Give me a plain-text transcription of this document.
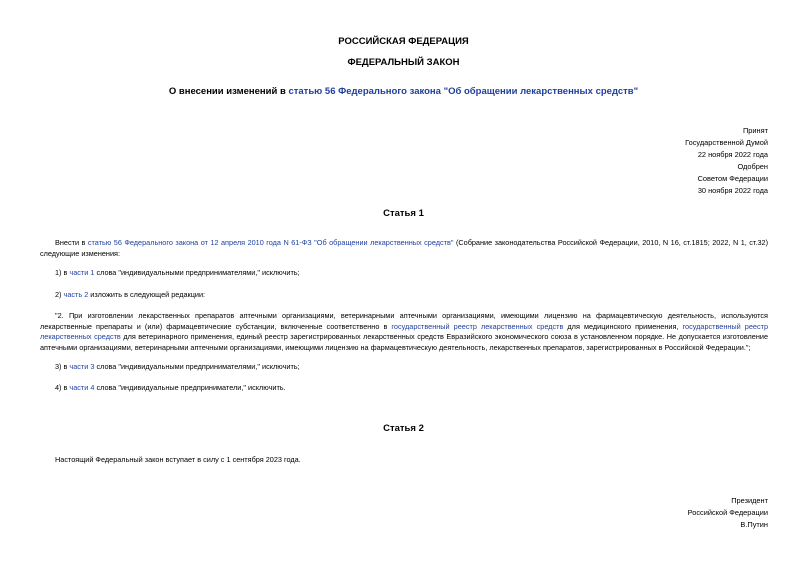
РОССИЙСКАЯ ФЕДЕРАЦИЯ
ФЕДЕРАЛЬНЫЙ ЗАКОН
О внесении изменений в статью 56 Федерального закона "Об обращении лекарственных средств"
Принят
Государственной Думой
22 ноября 2022 года
Одобрен
Советом Федерации
30 ноября 2022 года
Статья 1
Внести в статью 56 Федерального закона от 12 апреля 2010 года N 61-ФЗ "Об обращении лекарственных средств" (Собрание законодательства Российской Федерации, 2010, N 16, ст.1815; 2022, N 1, ст.32) следующие изменения:
1) в части 1 слова "индивидуальными предпринимателями," исключить;
2) часть 2 изложить в следующей редакции:
"2. При изготовлении лекарственных препаратов аптечными организациями, ветеринарными аптечными организациями, имеющими лицензию на фармацевтическую деятельность, используются лекарственные препараты и (или) фармацевтические субстанции, включенные соответственно в государственный реестр лекарственных средств для медицинского применения, государственный реестр лекарственных средств для ветеринарного применения, единый реестр зарегистрированных лекарственных средств Евразийского экономического союза в установленном порядке. Не допускается изготовление аптечными организациями, ветеринарными аптечными организациями, имеющими лицензию на фармацевтическую деятельность, лекарственных препаратов, зарегистрированных в Российской Федерации.";
3) в части 3 слова "индивидуальными предпринимателями," исключить;
4) в части 4 слова "индивидуальные предприниматели," исключить.
Статья 2
Настоящий Федеральный закон вступает в силу с 1 сентября 2023 года.
Президент
Российской Федерации
В.Путин
